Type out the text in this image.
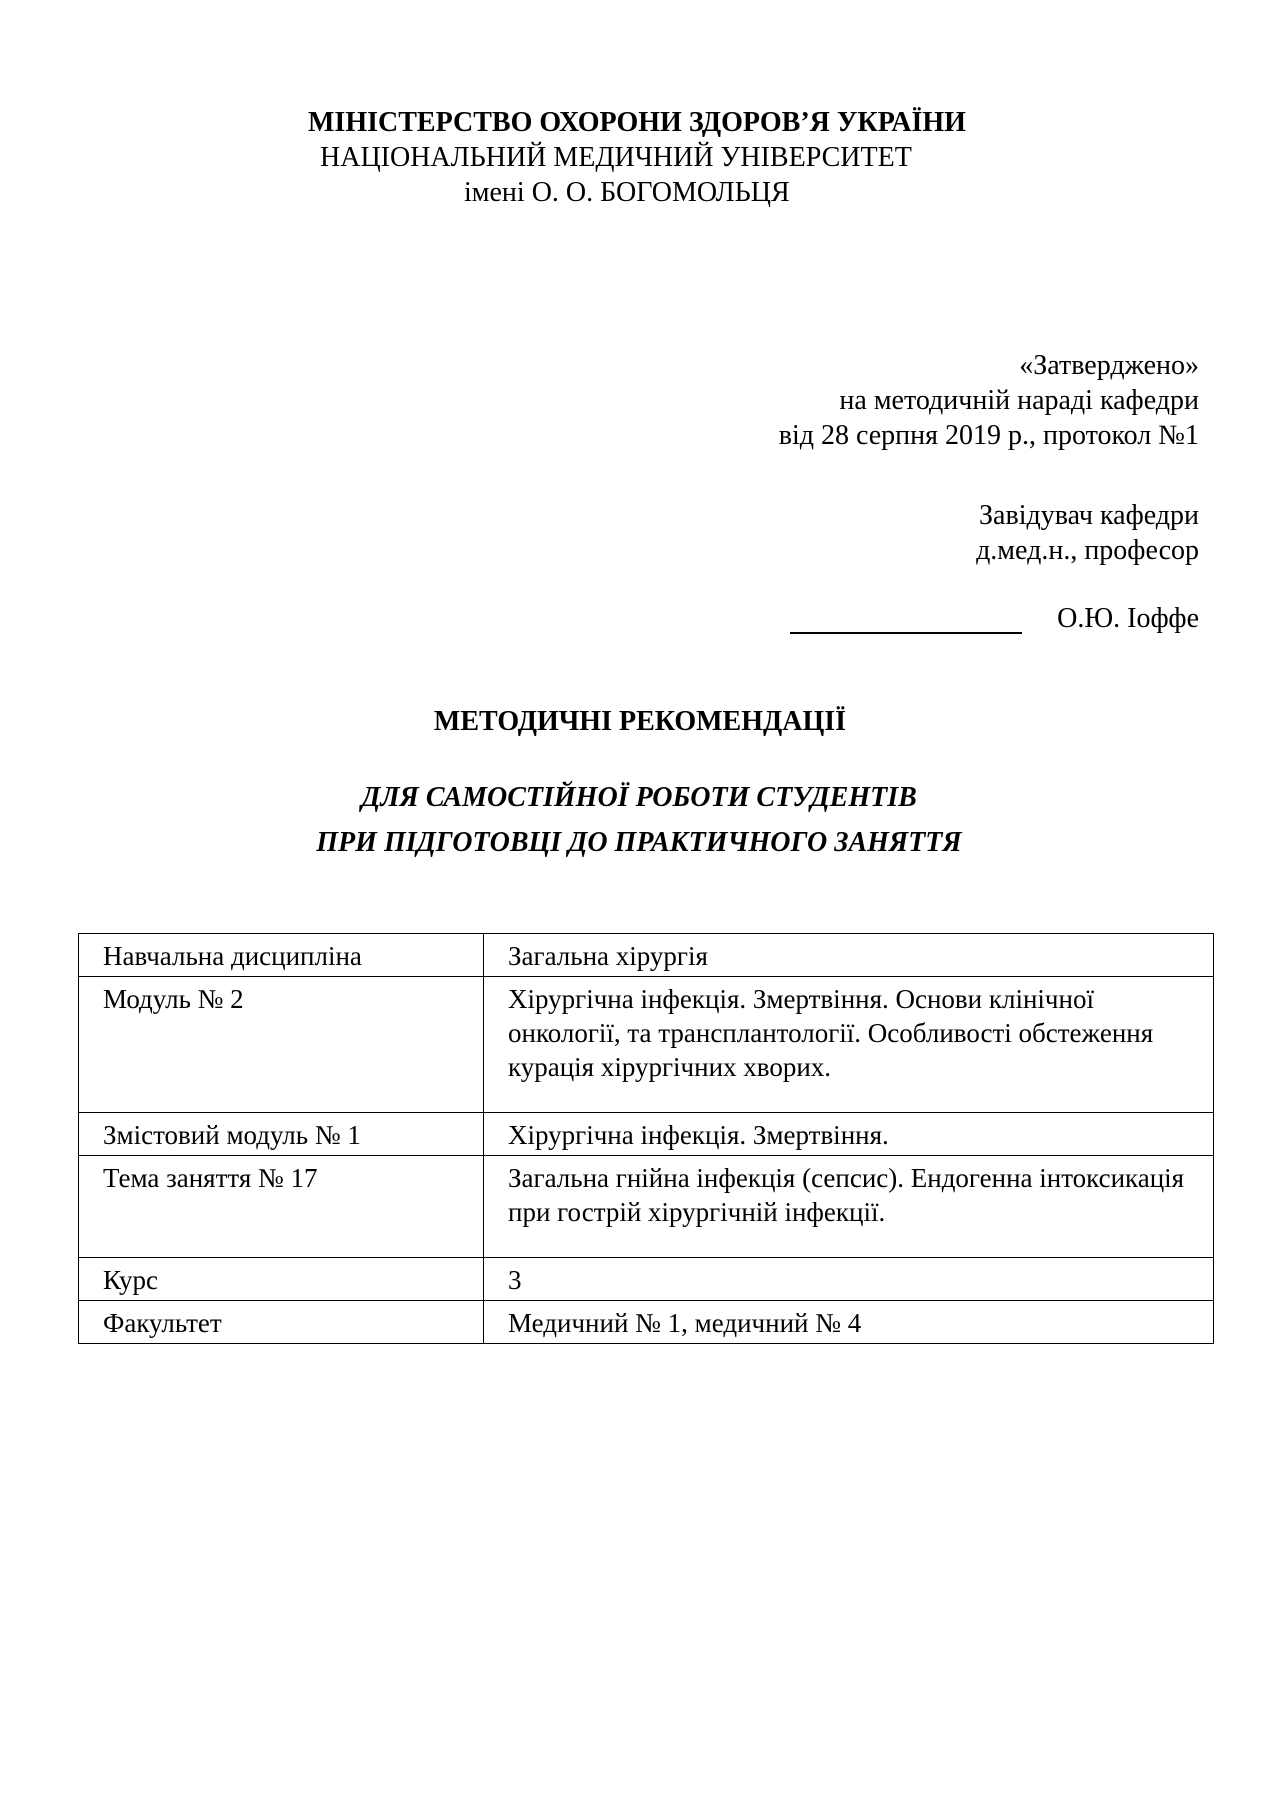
МІНІСТЕРСТВО ОХОРОНИ ЗДОРОВ’Я УКРАЇНИ
НАЦІОНАЛЬНИЙ МЕДИЧНИЙ УНІВЕРСИТЕТ
імені О. О. БОГОМОЛЬЦЯ
«Затверджено»
на методичній нараді кафедри
від 28 серпня 2019 р., протокол №1
Завідувач кафедри
д.мед.н., професор
О.Ю. Іоффе
МЕТОДИЧНІ РЕКОМЕНДАЦІЇ
ДЛЯ САМОСТІЙНОЇ РОБОТИ СТУДЕНТІВ
ПРИ ПІДГОТОВЦІ ДО ПРАКТИЧНОГО ЗАНЯТТЯ
Навчальна дисципліна	Загальна хірургія
Модуль № 2	Хірургічна інфекція. Змертвіння. Основи клінічної онкології, та трансплантології. Особливості обстеження курація хірургічних хворих.
Змістовий модуль № 1	Хірургічна інфекція. Змертвіння.
Тема заняття № 17	Загальна гнійна інфекція (сепсис). Ендогенна інтоксикація при гострій хірургічній інфекції.
Курс	3
Факультет	Медичний № 1, медичний № 4
